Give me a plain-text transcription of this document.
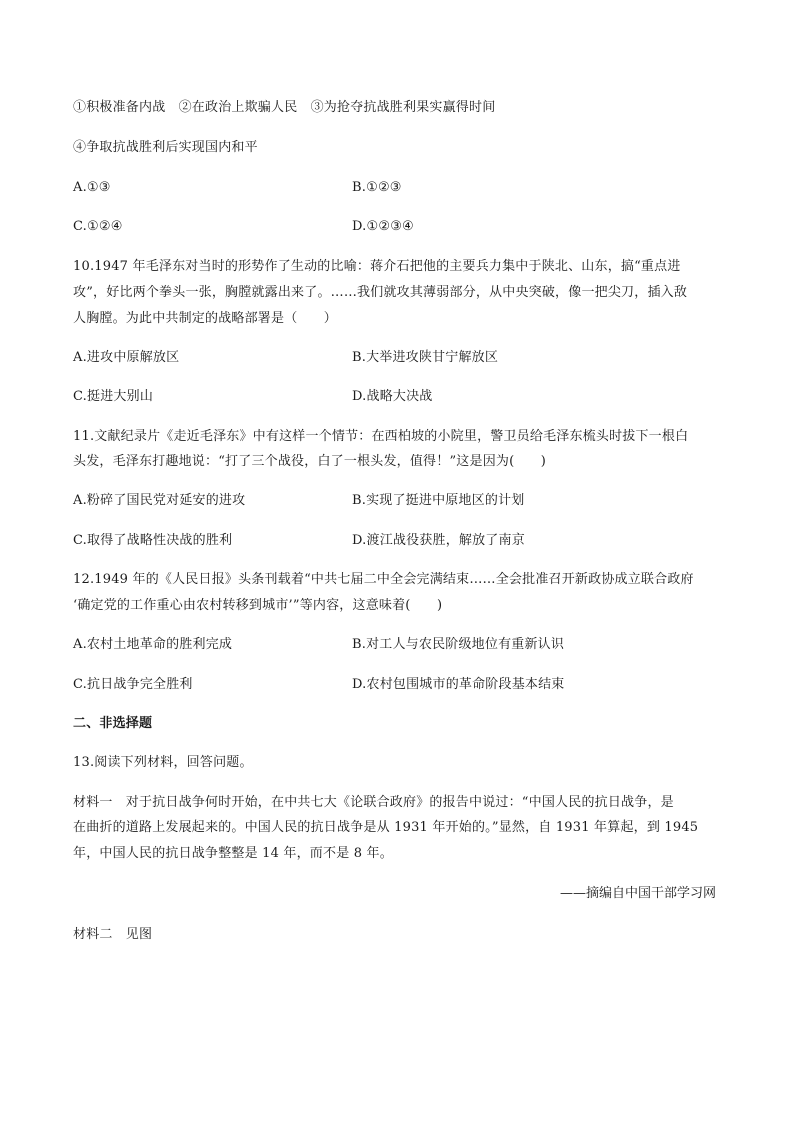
①积极准备内战　②在政治上欺骗人民　③为抢夺抗战胜利果实赢得时间
④争取抗战胜利后实现国内和平
A.①③	B.①②③
C.①②④	D.①②③④
10.1947 年毛泽东对当时的形势作了生动的比喻：蒋介石把他的主要兵力集中于陕北、山东，搞“重点进
攻”，好比两个拳头一张，胸膛就露出来了。……我们就攻其薄弱部分，从中央突破，像一把尖刀，插入敌
人胸膛。为此中共制定的战略部署是（　　）
A.进攻中原解放区	B.大举进攻陕甘宁解放区
C.挺进大别山	D.战略大决战
11.文献纪录片《走近毛泽东》中有这样一个情节：在西柏坡的小院里，警卫员给毛泽东梳头时拔下一根白
头发，毛泽东打趣地说：“打了三个战役，白了一根头发，值得！”这是因为(　　)
A.粉碎了国民党对延安的进攻	B.实现了挺进中原地区的计划
C.取得了战略性决战的胜利	D.渡江战役获胜，解放了南京
12.1949 年的《人民日报》头条刊载着“中共七届二中全会完满结束……全会批准召开新政协成立联合政府
‘确定党的工作重心由农村转移到城市’”等内容，这意味着(　　)
A.农村土地革命的胜利完成	B.对工人与农民阶级地位有重新认识
C.抗日战争完全胜利	D.农村包围城市的革命阶段基本结束
二、非选择题
13.阅读下列材料，回答问题。
材料一　对于抗日战争何时开始，在中共七大《论联合政府》的报告中说过：“中国人民的抗日战争，是
在曲折的道路上发展起来的。中国人民的抗日战争是从 1931 年开始的。”显然，自 1931 年算起，到 1945
年，中国人民的抗日战争整整是 14 年，而不是 8 年。
——摘编自中国干部学习网
材料二　见图
